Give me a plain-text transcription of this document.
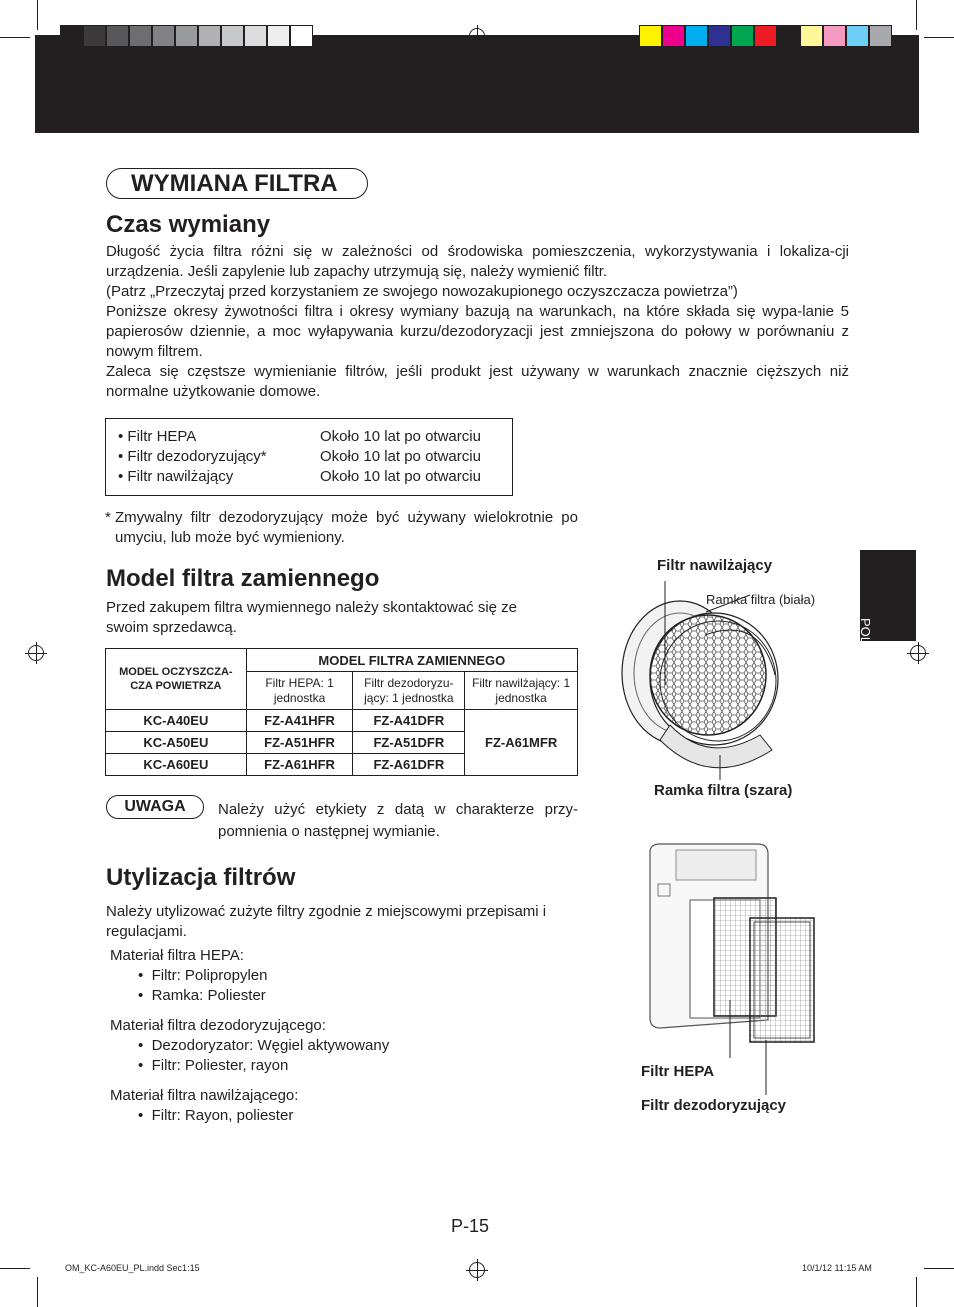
WYMIANA FILTRA
Czas wymiany
Długość życia filtra różni się w zależności od środowiska pomieszczenia, wykorzystywania i lokaliza-cji urządzenia. Jeśli zapylenie lub zapachy utrzymują się, należy wymienić filtr.
(Patrz „Przeczytaj przed korzystaniem ze swojego nowozakupionego oczyszczacza powietrza”)
Poniższe okresy żywotności filtra i okresy wymiany bazują na warunkach, na które składa się wypa-lanie 5 papierosów dziennie, a moc wyłapywania kurzu/dezodoryzacji jest zmniejszona do połowy w porównaniu z nowym filtrem.
Zaleca się częstsze wymienianie filtrów, jeśli produkt jest używany w warunkach znacznie cięższych niż normalne użytkowanie domowe.
• Filtr HEPA	Około 10 lat po otwarciu
• Filtr dezodoryzujący*	Około 10 lat po otwarciu
• Filtr nawilżający	Około 10 lat po otwarciu
* Zmywalny filtr dezodoryzujący może być używany wielokrotnie po umyciu, lub może być wymieniony.
POLSKI
Model filtra zamiennego
Przed zakupem filtra wymiennego należy skontaktować się ze swoim sprzedawcą.
MODEL OCZYSZCZA-CZA POWIETRZA	MODEL FILTRA ZAMIENNEGO		
	Filtr HEPA: 1 jednostka	Filtr dezodoryzu-jący: 1 jednostka	Filtr nawilżający: 1 jednostka
KC-A40EU	FZ-A41HFR	FZ-A41DFR	FZ-A61MFR
KC-A50EU	FZ-A51HFR	FZ-A51DFR	
KC-A60EU	FZ-A61HFR	FZ-A61DFR	
UWAGA	Należy użyć etykiety z datą w charakterze przy-pomnienia o następnej wymianie.
Utylizacja filtrów
Należy utylizować zużyte filtry zgodnie z miejscowymi przepisami i regulacjami.
Materiał filtra HEPA:
•  Filtr: Polipropylen
•  Ramka: Poliester
Materiał filtra dezodoryzującego:
•  Dezodoryzator: Węgiel aktywowany
•  Filtr: Poliester, rayon
Materiał filtra nawilżającego:
•  Filtr: Rayon, poliester
Filtr nawilżający
Ramka filtra (biała)
Ramka filtra (szara)
Filtr HEPA
Filtr dezodoryzujący
P-15
OM_KC-A60EU_PL.indd Sec1:15	10/1/12 11:15 AM
